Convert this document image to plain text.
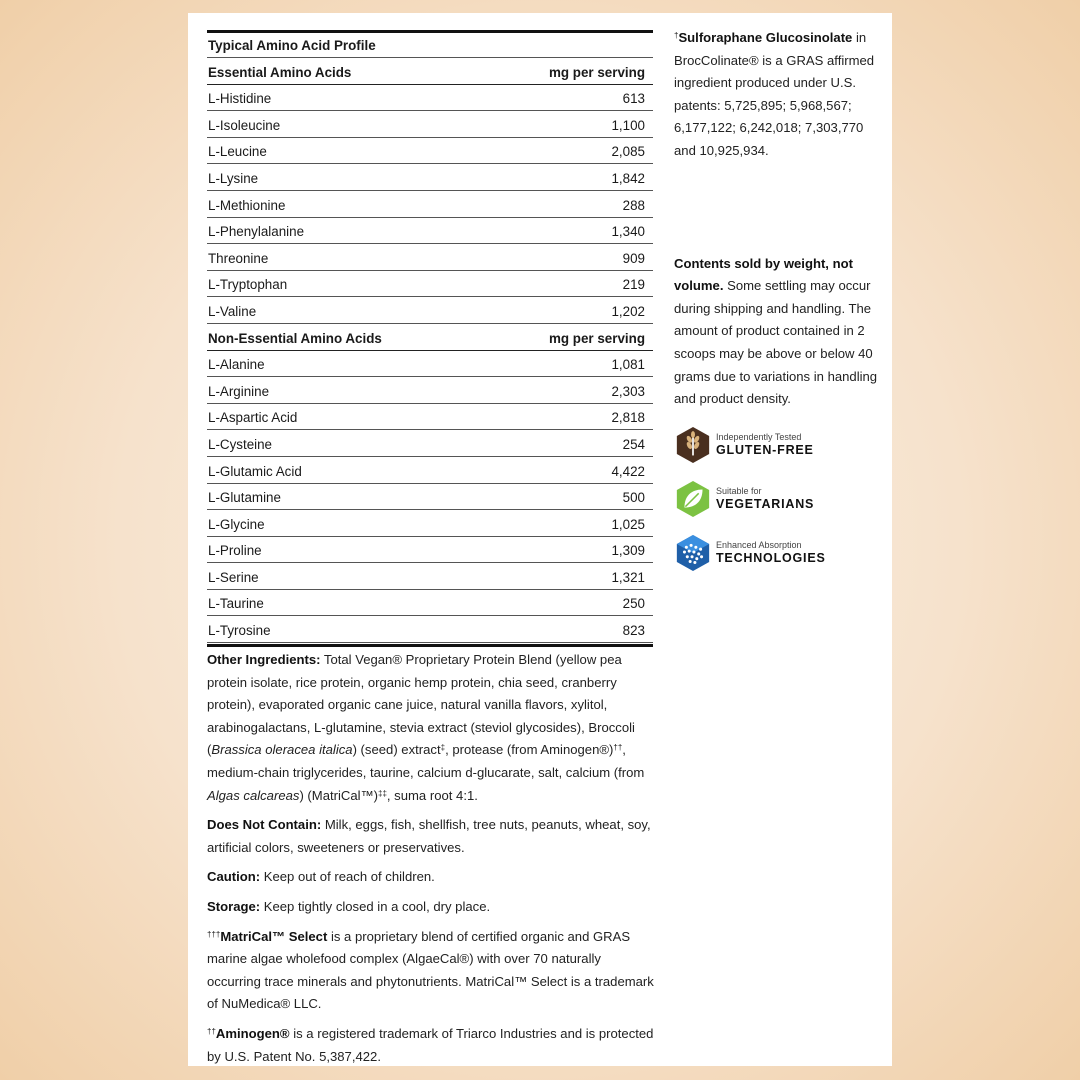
Typical Amino Acid Profile
Essential Amino Acids	mg per serving
L-Histidine	613
L-Isoleucine	1,100
L-Leucine	2,085
L-Lysine	1,842
L-Methionine	288
L-Phenylalanine	1,340
Threonine	909
L-Tryptophan	219
L-Valine	1,202
Non-Essential Amino Acids	mg per serving
L-Alanine	1,081
L-Arginine	2,303
L-Aspartic Acid	2,818
L-Cysteine	254
L-Glutamic Acid	4,422
L-Glutamine	500
L-Glycine	1,025
L-Proline	1,309
L-Serine	1,321
L-Taurine	250
L-Tyrosine	823

Other Ingredients: Total Vegan® Proprietary Protein Blend (yellow pea protein isolate, rice protein, organic hemp protein, chia seed, cranberry protein), evaporated organic cane juice, natural vanilla flavors, xylitol, arabinogalactans, L-glutamine, stevia extract (steviol glycosides), Broccoli (Brassica oleracea italica) (seed) extract‡, protease (from Aminogen®)††, medium-chain triglycerides, taurine, calcium d-glucarate, salt, calcium (from Algas calcareas) (MatriCal™)‡‡, suma root 4:1.

Does Not Contain: Milk, eggs, fish, shellfish, tree nuts, peanuts, wheat, soy, artificial colors, sweeteners or preservatives.

Caution: Keep out of reach of children.

Storage: Keep tightly closed in a cool, dry place.

†††MatriCal™ Select is a proprietary blend of certified organic and GRAS marine algae wholefood complex (AlgaeCal®) with over 70 naturally occurring trace minerals and phytonutrients. MatriCal™ Select is a trademark of NuMedica® LLC.

††Aminogen® is a registered trademark of Triarco Industries and is protected by U.S. Patent No. 5,387,422.

†Sulforaphane Glucosinolate in BrocColinate® is a GRAS affirmed ingredient produced under U.S. patents: 5,725,895; 5,968,567; 6,177,122; 6,242,018; 7,303,770 and 10,925,934.

Contents sold by weight, not volume. Some settling may occur during shipping and handling. The amount of product contained in 2 scoops may be above or below 40 grams due to variations in handling and product density.

Independently Tested
GLUTEN-FREE
Suitable for
VEGETARIANS
Enhanced Absorption
TECHNOLOGIES
